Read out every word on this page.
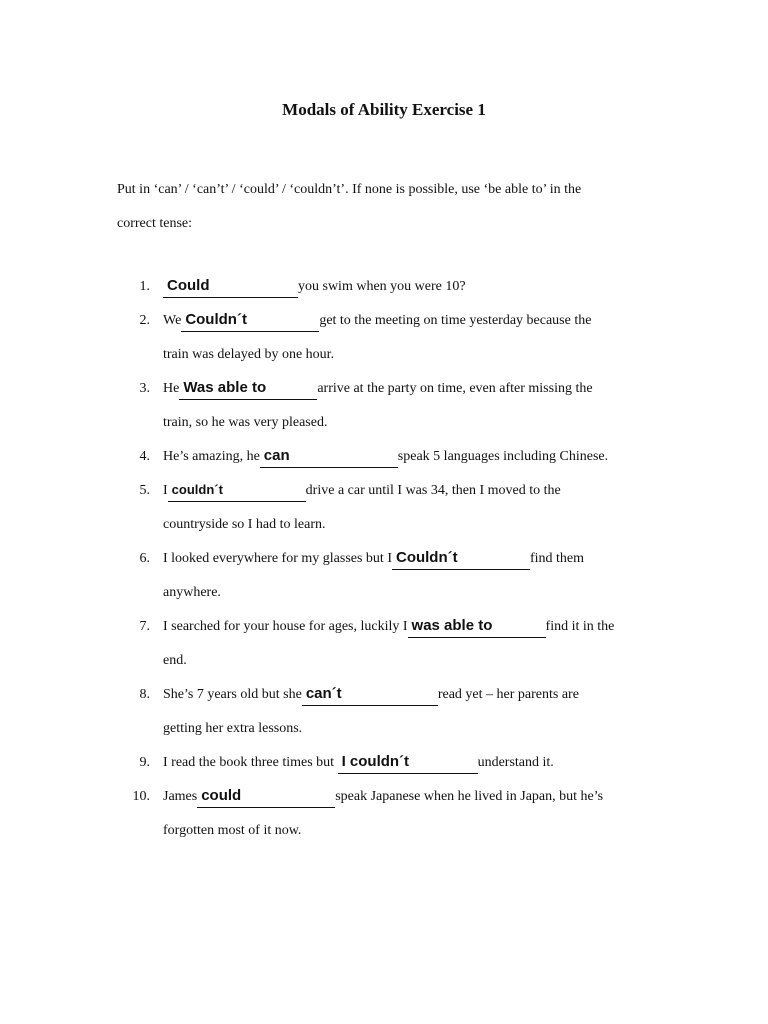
Modals of Ability Exercise 1
Put in ‘can’ / ‘can’t’ / ‘could’ / ‘couldn’t’. If none is possible, use ‘be able to’ in the
correct tense:
1. Could	you swim when you were 10?
2. We Couldn´t	get to the meeting on time yesterday because the
train was delayed by one hour.
3. He Was able to	arrive at the party on time, even after missing the
train, so he was very pleased.
4. He’s amazing, he can	speak 5 languages including Chinese.
5. I couldn´t	drive a car until I was 34, then I moved to the
countryside so I had to learn.
6. I looked everywhere for my glasses but I Couldn´t	find them
anywhere.
7. I searched for your house for ages, luckily I was able to	find it in the
end.
8. She’s 7 years old but she can´t	read yet – her parents are
getting her extra lessons.
9. I read the book three times but I couldn´t	understand it.
10. James could	speak Japanese when he lived in Japan, but he’s
forgotten most of it now.
